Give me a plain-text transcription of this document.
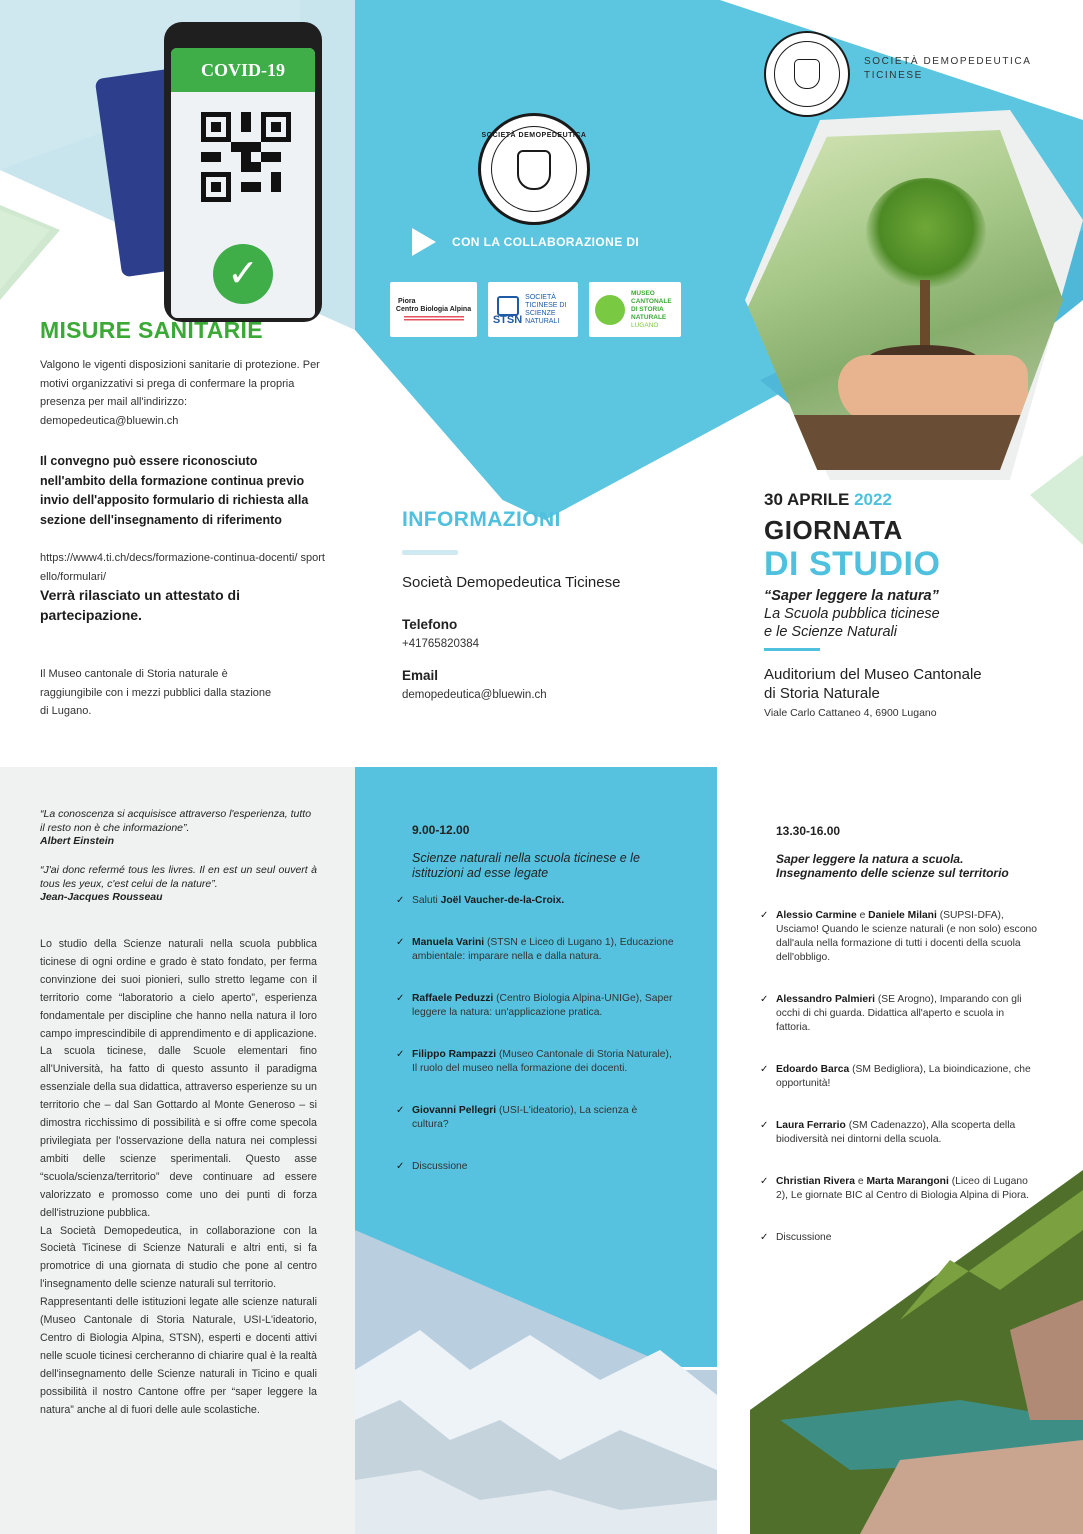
COVID-19
✓
SOCIETÀ DEMOPEDEUTICA
SOCIETÀ DEMOPEDEUTICA
TICINESE
CON LA COLLABORAZIONE DI
Piora
Centro Biologia Alpina
STSN
SOCIETÀ TICINESE DI SCIENZE NATURALI
MUSEO CANTONALE DI STORIA NATURALE
LUGANO
MISURE SANITARIE
Valgono le vigenti disposizioni sanitarie di protezione. Per motivi organizzativi si prega di confermare la propria presenza per mail all'indirizzo: demopedeutica@bluewin.ch
Il convegno può essere riconosciuto nell'ambito della formazione continua previo invio dell'apposito formulario di richiesta alla sezione dell'insegnamento di riferimento
https://www4.ti.ch/decs/formazione-continua-docenti/ sportello/formulari/
Verrà rilasciato un attestato di partecipazione.
Il Museo cantonale di Storia naturale è raggiungibile con i mezzi pubblici dalla stazione di Lugano.
INFORMAZIONI
Società Demopedeutica Ticinese
Telefono
+41765820384
Email
demopedeutica@bluewin.ch
30 APRILE 2022
GIORNATA
DI STUDIO
“Saper leggere la natura”
La Scuola pubblica ticinese
e le Scienze Naturali
Auditorium del Museo Cantonale
di Storia Naturale
Viale Carlo Cattaneo 4, 6900 Lugano
“La conoscenza si acquisisce attraverso l'esperienza, tutto il resto non è che informazione”.
Albert Einstein
“J'ai donc refermé tous les livres. Il en est un seul ouvert à tous les yeux, c'est celui de la nature”.
Jean-Jacques Rousseau

Lo studio della Scienze naturali nella scuola pubblica ticinese di ogni ordine e grado è stato fondato, per ferma convinzione dei suoi pionieri, sullo stretto legame con il territorio come “laboratorio a cielo aperto”, esperienza fondamentale per discipline che hanno nella natura il loro campo imprescindibile di apprendimento e di applicazione.

La scuola ticinese, dalle Scuole elementari fino all'Università, ha fatto di questo assunto il paradigma essenziale della sua didattica, attraverso esperienze su un territorio che – dal San Gottardo al Monte Generoso – si dimostra ricchissimo di possibilità e si offre come specola privilegiata per l'osservazione della natura nei complessi ambiti delle scienze sperimentali. Questo asse “scuola/scienza/territorio” deve continuare ad essere valorizzato e promosso come uno dei punti di forza dell'istruzione pubblica.

La Società Demopedeutica, in collaborazione con la Società Ticinese di Scienze Naturali e altri enti, si fa promotrice di una giornata di studio che pone al centro l'insegnamento delle scienze naturali sul territorio.

Rappresentanti delle istituzioni legate alle scienze naturali (Museo Cantonale di Storia Naturale, USI-L'ideatorio, Centro di Biologia Alpina, STSN), esperti e docenti attivi nelle scuole ticinesi cercheranno di chiarire qual è la realtà dell'insegnamento delle Scienze naturali in Ticino e quali possibilità il nostro Cantone offre per “saper leggere la natura” anche al di fuori delle aule scolastiche.

9.00-12.00
Scienze naturali nella scuola ticinese e le istituzioni ad esse legate
✓ Saluti Joël Vaucher-de-la-Croix.
✓ Manuela Varini (STSN e Liceo di Lugano 1), Educazione ambientale: imparare nella e dalla natura.
✓ Raffaele Peduzzi (Centro Biologia Alpina-UNIGe), Saper leggere la natura: un'applicazione pratica.
✓ Filippo Rampazzi (Museo Cantonale di Storia Naturale), Il ruolo del museo nella formazione dei docenti.
✓ Giovanni Pellegri (USI-L'ideatorio), La scienza è cultura?
✓ Discussione
13.30-16.00
Saper leggere la natura a scuola. Insegnamento delle scienze sul territorio
✓ Alessio Carmine e Daniele Milani (SUPSI-DFA), Usciamo! Quando le scienze naturali (e non solo) escono dall'aula nella formazione di tutti i docenti della scuola dell'obbligo.
✓ Alessandro Palmieri (SE Arogno), Imparando con gli occhi di chi guarda. Didattica all'aperto e scuola in fattoria.
✓ Edoardo Barca (SM Bedigliora), La bioindicazione, che opportunità!
✓ Laura Ferrario (SM Cadenazzo), Alla scoperta della biodiversità nei dintorni della scuola.
✓ Christian Rivera e Marta Marangoni (Liceo di Lugano 2), Le giornate BIC al Centro di Biologia Alpina di Piora.
✓ Discussione
